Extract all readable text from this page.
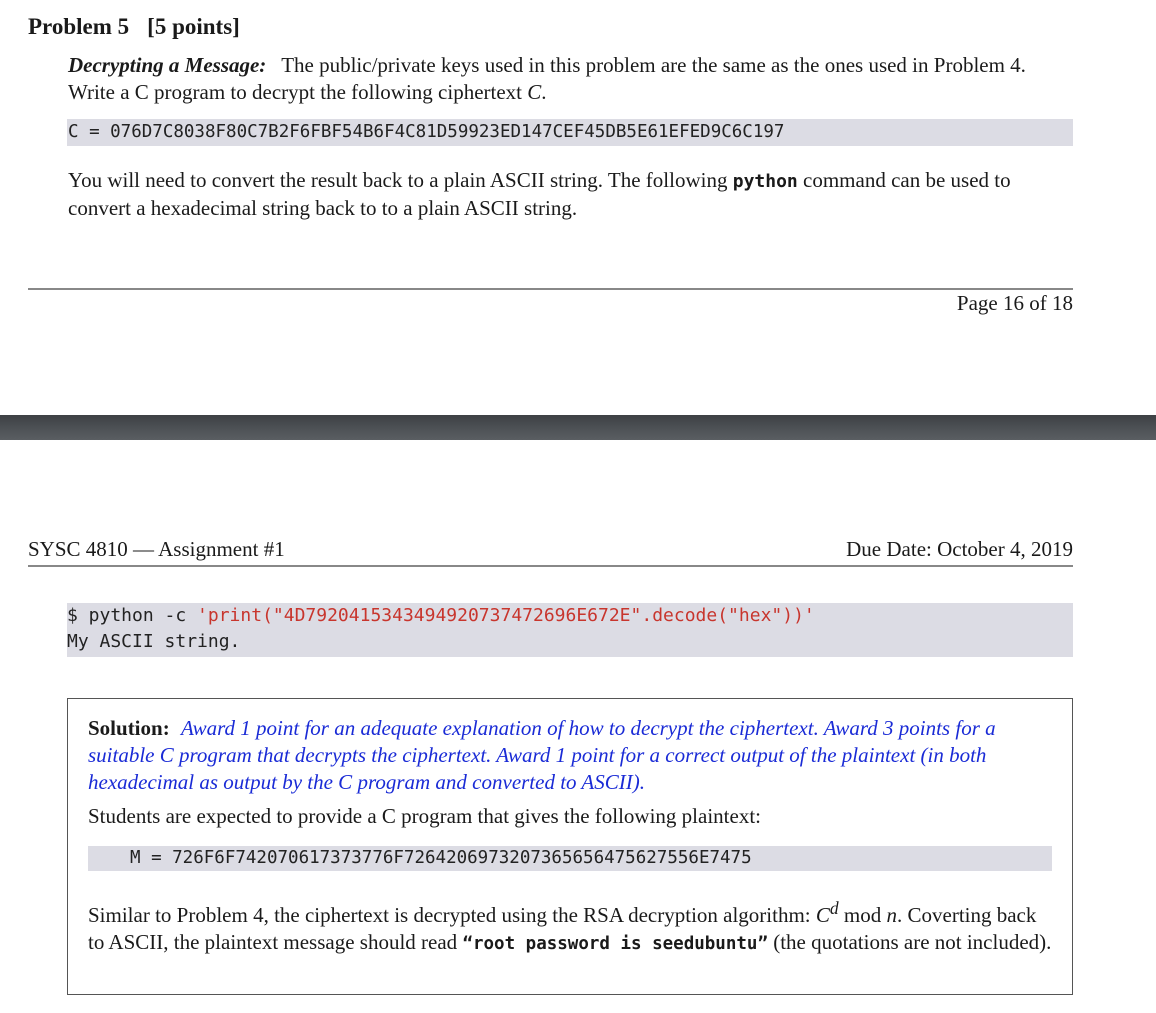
Problem 5 [5 points]
Decrypting a Message: The public/private keys used in this problem are the same as the ones used in Problem 4. Write a C program to decrypt the following ciphertext C.
C = 076D7C8038F80C7B2F6FBF54B6F4C81D59923ED147CEF45DB5E61EFED9C6C197
You will need to convert the result back to a plain ASCII string. The following python command can be used to convert a hexadecimal string back to to a plain ASCII string.
Page 16 of 18
SYSC 4810 — Assignment #1	Due Date: October 4, 2019
$ python -c 'print("4D7920415343494920737472696E672E".decode("hex"))'
My ASCII string.
Solution: Award 1 point for an adequate explanation of how to decrypt the ciphertext. Award 3 points for a suitable C program that decrypts the ciphertext. Award 1 point for a correct output of the plaintext (in both hexadecimal as output by the C program and converted to ASCII).
Students are expected to provide a C program that gives the following plaintext:
M = 726F6F742070617373776F7264206973207365656475627556E7475
Similar to Problem 4, the ciphertext is decrypted using the RSA decryption algorithm: $C^d$ mod n. Coverting back to ASCII, the plaintext message should read “root password is seedubuntu” (the quotations are not included).
